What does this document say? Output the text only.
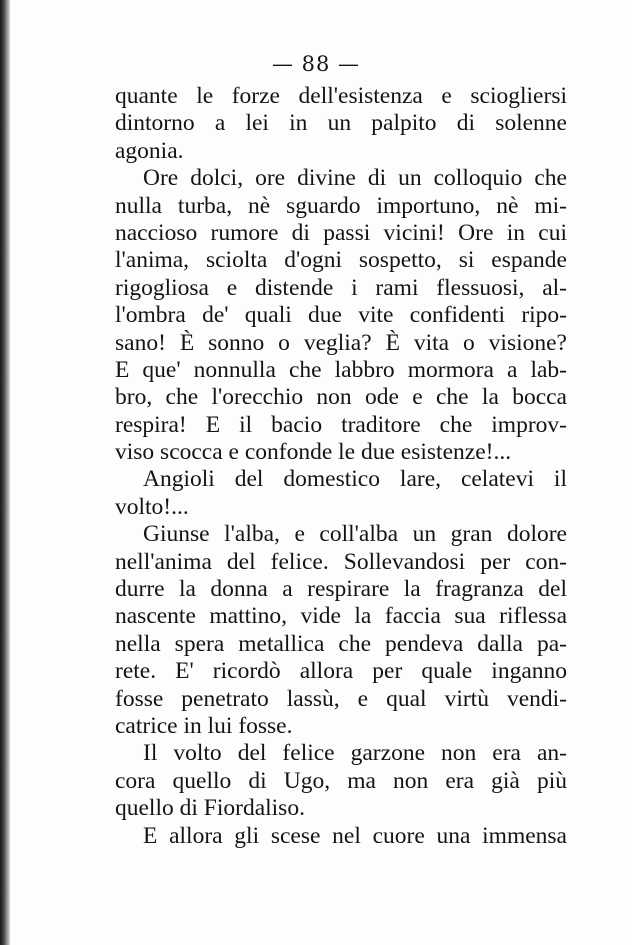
— 88 —
quante le forze dell'esistenza e sciogliersi
dintorno a lei in un palpito di solenne
agonia.
Ore dolci, ore divine di un colloquio che
nulla turba, nè sguardo importuno, nè mi-
naccioso rumore di passi vicini! Ore in cui
l'anima, sciolta d'ogni sospetto, si espande
rigogliosa e distende i rami flessuosi, al-
l'ombra de' quali due vite confidenti ripo-
sano! È sonno o veglia? È vita o visione?
E que' nonnulla che labbro mormora a lab-
bro, che l'orecchio non ode e che la bocca
respira! E il bacio traditore che improv-
viso scocca e confonde le due esistenze!...
Angioli del domestico lare, celatevi il
volto!...
Giunse l'alba, e coll'alba un gran dolore
nell'anima del felice. Sollevandosi per con-
durre la donna a respirare la fragranza del
nascente mattino, vide la faccia sua riflessa
nella spera metallica che pendeva dalla pa-
rete. E' ricordò allora per quale inganno
fosse penetrato lassù, e qual virtù vendi-
catrice in lui fosse.
Il volto del felice garzone non era an-
cora quello di Ugo, ma non era già più
quello di Fiordaliso.
E allora gli scese nel cuore una immensa
